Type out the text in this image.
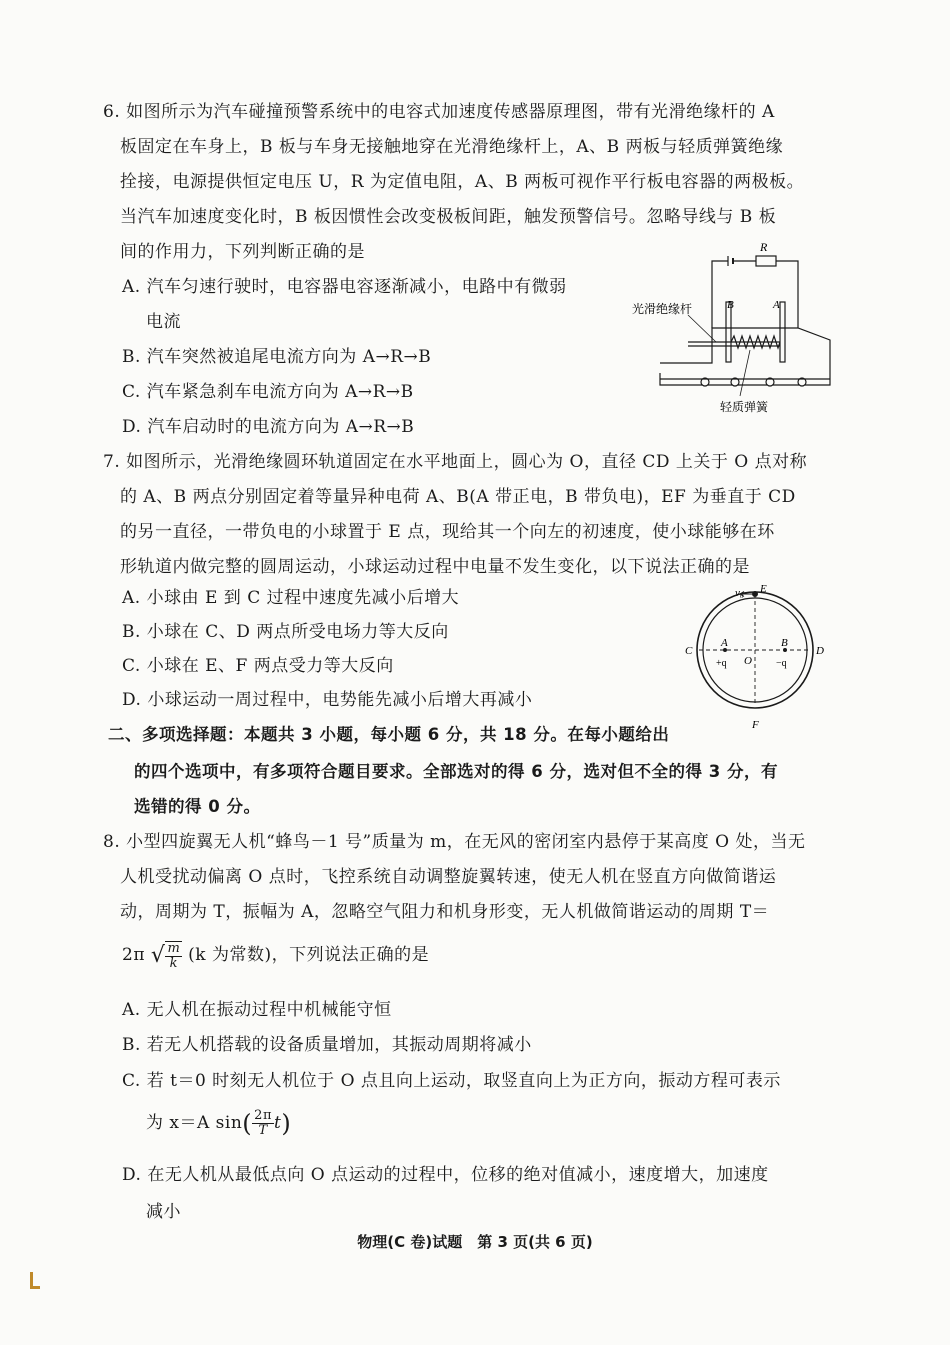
6. 如图所示为汽车碰撞预警系统中的电容式加速度传感器原理图，带有光滑绝缘杆的 A
板固定在车身上，B 板与车身无接触地穿在光滑绝缘杆上，A、B 两板与轻质弹簧绝缘
拴接，电源提供恒定电压 U，R 为定值电阻，A、B 两板可视作平行板电容器的两极板。
当汽车加速度变化时，B 板因惯性会改变极板间距，触发预警信号。忽略导线与 B 板
间的作用力，下列判断正确的是
A. 汽车匀速行驶时，电容器电容逐渐减小，电路中有微弱
电流
B. 汽车突然被追尾电流方向为 A→R→B
C. 汽车紧急刹车电流方向为 A→R→B
D. 汽车启动时的电流方向为 A→R→B
R
B	A
光滑绝缘杆
轻质弹簧
7. 如图所示，光滑绝缘圆环轨道固定在水平地面上，圆心为 O，直径 CD 上关于 O 点对称
的 A、B 两点分别固定着等量异种电荷 A、B(A 带正电，B 带负电)，EF 为垂直于 CD
的另一直径，一带负电的小球置于 E 点，现给其一个向左的初速度，使小球能够在环
形轨道内做完整的圆周运动，小球运动过程中电量不发生变化，以下说法正确的是
A. 小球由 E 到 C 过程中速度先减小后增大
B. 小球在 C、D 两点所受电场力等大反向
C. 小球在 E、F 两点受力等大反向
D. 小球运动一周过程中，电势能先减小后增大再减小
v₀ E
F
C	D
A	B
O
+q	−q
二、多项选择题：本题共 3 小题，每小题 6 分，共 18 分。在每小题给出
的四个选项中，有多项符合题目要求。全部选对的得 6 分，选对但不全的得 3 分，有
选错的得 0 分。
8. 小型四旋翼无人机“蜂鸟－1 号”质量为 m，在无风的密闭室内悬停于某高度 O 处，当无
人机受扰动偏离 O 点时，飞控系统自动调整旋翼转速，使无人机在竖直方向做简谐运
动，周期为 T，振幅为 A，忽略空气阻力和机身形变，无人机做简谐运动的周期 T＝
2π √ $\frac{m}{k} (k$ 为常数)，下列说法正确的是
A. 无人机在振动过程中机械能守恒
B. 若无人机搭载的设备质量增加，其振动周期将减小
C. 若 t＝0 时刻无人机位于 O 点且向上运动，取竖直向上为正方向，振动方程可表示
为 x＝A $\sin( \frac{2\pi}{T} t)$
D. 在无人机从最低点向 O 点运动的过程中，位移的绝对值减小，速度增大，加速度
减小
物理(C 卷)试题　第 3 页(共 6 页)
